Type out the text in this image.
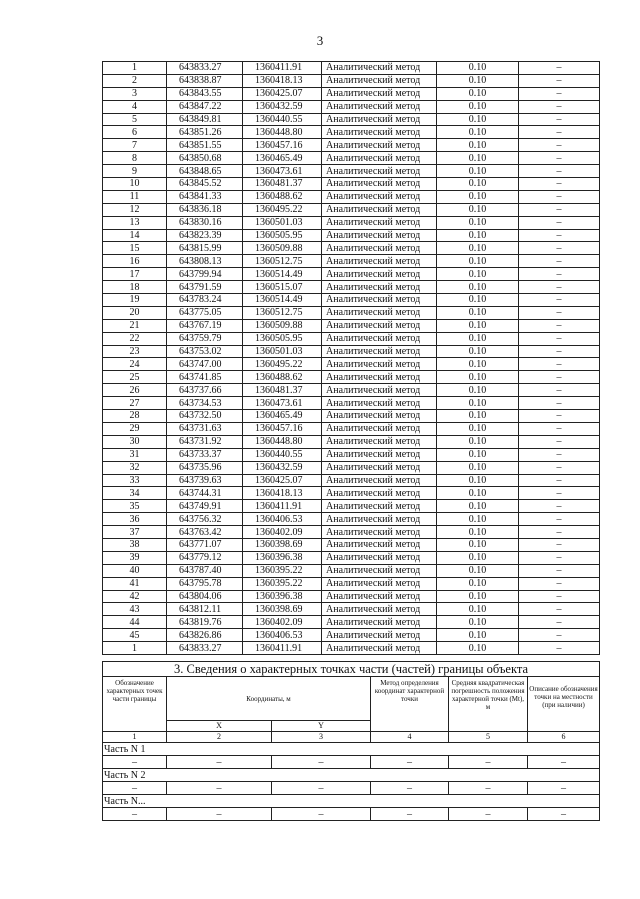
3
1	643833.27	1360411.91	Аналитический метод	0.10	–
2	643838.87	1360418.13	Аналитический метод	0.10	–
3	643843.55	1360425.07	Аналитический метод	0.10	–
4	643847.22	1360432.59	Аналитический метод	0.10	–
5	643849.81	1360440.55	Аналитический метод	0.10	–
6	643851.26	1360448.80	Аналитический метод	0.10	–
7	643851.55	1360457.16	Аналитический метод	0.10	–
8	643850.68	1360465.49	Аналитический метод	0.10	–
9	643848.65	1360473.61	Аналитический метод	0.10	–
10	643845.52	1360481.37	Аналитический метод	0.10	–
11	643841.33	1360488.62	Аналитический метод	0.10	–
12	643836.18	1360495.22	Аналитический метод	0.10	–
13	643830.16	1360501.03	Аналитический метод	0.10	–
14	643823.39	1360505.95	Аналитический метод	0.10	–
15	643815.99	1360509.88	Аналитический метод	0.10	–
16	643808.13	1360512.75	Аналитический метод	0.10	–
17	643799.94	1360514.49	Аналитический метод	0.10	–
18	643791.59	1360515.07	Аналитический метод	0.10	–
19	643783.24	1360514.49	Аналитический метод	0.10	–
20	643775.05	1360512.75	Аналитический метод	0.10	–
21	643767.19	1360509.88	Аналитический метод	0.10	–
22	643759.79	1360505.95	Аналитический метод	0.10	–
23	643753.02	1360501.03	Аналитический метод	0.10	–
24	643747.00	1360495.22	Аналитический метод	0.10	–
25	643741.85	1360488.62	Аналитический метод	0.10	–
26	643737.66	1360481.37	Аналитический метод	0.10	–
27	643734.53	1360473.61	Аналитический метод	0.10	–
28	643732.50	1360465.49	Аналитический метод	0.10	–
29	643731.63	1360457.16	Аналитический метод	0.10	–
30	643731.92	1360448.80	Аналитический метод	0.10	–
31	643733.37	1360440.55	Аналитический метод	0.10	–
32	643735.96	1360432.59	Аналитический метод	0.10	–
33	643739.63	1360425.07	Аналитический метод	0.10	–
34	643744.31	1360418.13	Аналитический метод	0.10	–
35	643749.91	1360411.91	Аналитический метод	0.10	–
36	643756.32	1360406.53	Аналитический метод	0.10	–
37	643763.42	1360402.09	Аналитический метод	0.10	–
38	643771.07	1360398.69	Аналитический метод	0.10	–
39	643779.12	1360396.38	Аналитический метод	0.10	–
40	643787.40	1360395.22	Аналитический метод	0.10	–
41	643795.78	1360395.22	Аналитический метод	0.10	–
42	643804.06	1360396.38	Аналитический метод	0.10	–
43	643812.11	1360398.69	Аналитический метод	0.10	–
44	643819.76	1360402.09	Аналитический метод	0.10	–
45	643826.86	1360406.53	Аналитический метод	0.10	–
1	643833.27	1360411.91	Аналитический метод	0.10	–
3. Сведения о характерных точках части (частей) границы объекта					
Обозначение характерных точек части границы	Координаты, м		Метод определения координат характерной точки	Средняя квадратическая погрешность положения характерной точки (Mt), м	Описание обозначения точки на местности (при наличии)
	X	Y			
1	2	3	4	5	6
Часть N 1					
–	–	–	–	–	–
Часть N 2					
–	–	–	–	–	–
Часть N...					
–	–	–	–	–	–
